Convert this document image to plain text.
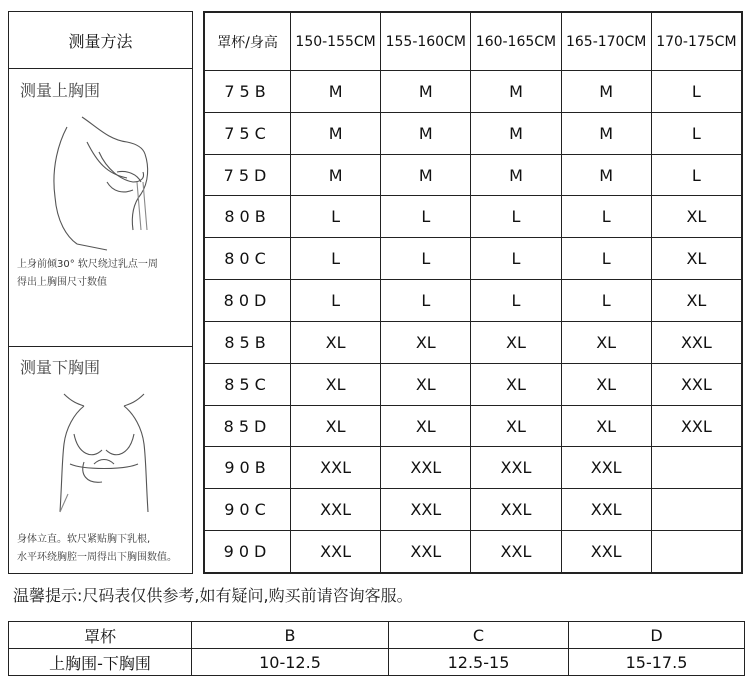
测量方法
测量上胸围
上身前倾30° 软尺绕过乳点一周
得出上胸围尺寸数值
测量下胸围
身体立直。软尺紧贴胸下乳根,
水平环绕胸腔一周得出下胸围数值。
罩杯/身高	150-155CM	155-160CM	160-165CM	165-170CM	170-175CM
75B	M	M	M	M	L
75C	M	M	M	M	L
75D	M	M	M	M	L
80B	L	L	L	L	XL
80C	L	L	L	L	XL
80D	L	L	L	L	XL
85B	XL	XL	XL	XL	XXL
85C	XL	XL	XL	XL	XXL
85D	XL	XL	XL	XL	XXL
90B	XXL	XXL	XXL	XXL	
90C	XXL	XXL	XXL	XXL	
90D	XXL	XXL	XXL	XXL	
温馨提示:尺码表仅供参考,如有疑问,购买前请咨询客服。
罩杯	B	C	D
上胸围-下胸围	10-12.5	12.5-15	15-17.5
